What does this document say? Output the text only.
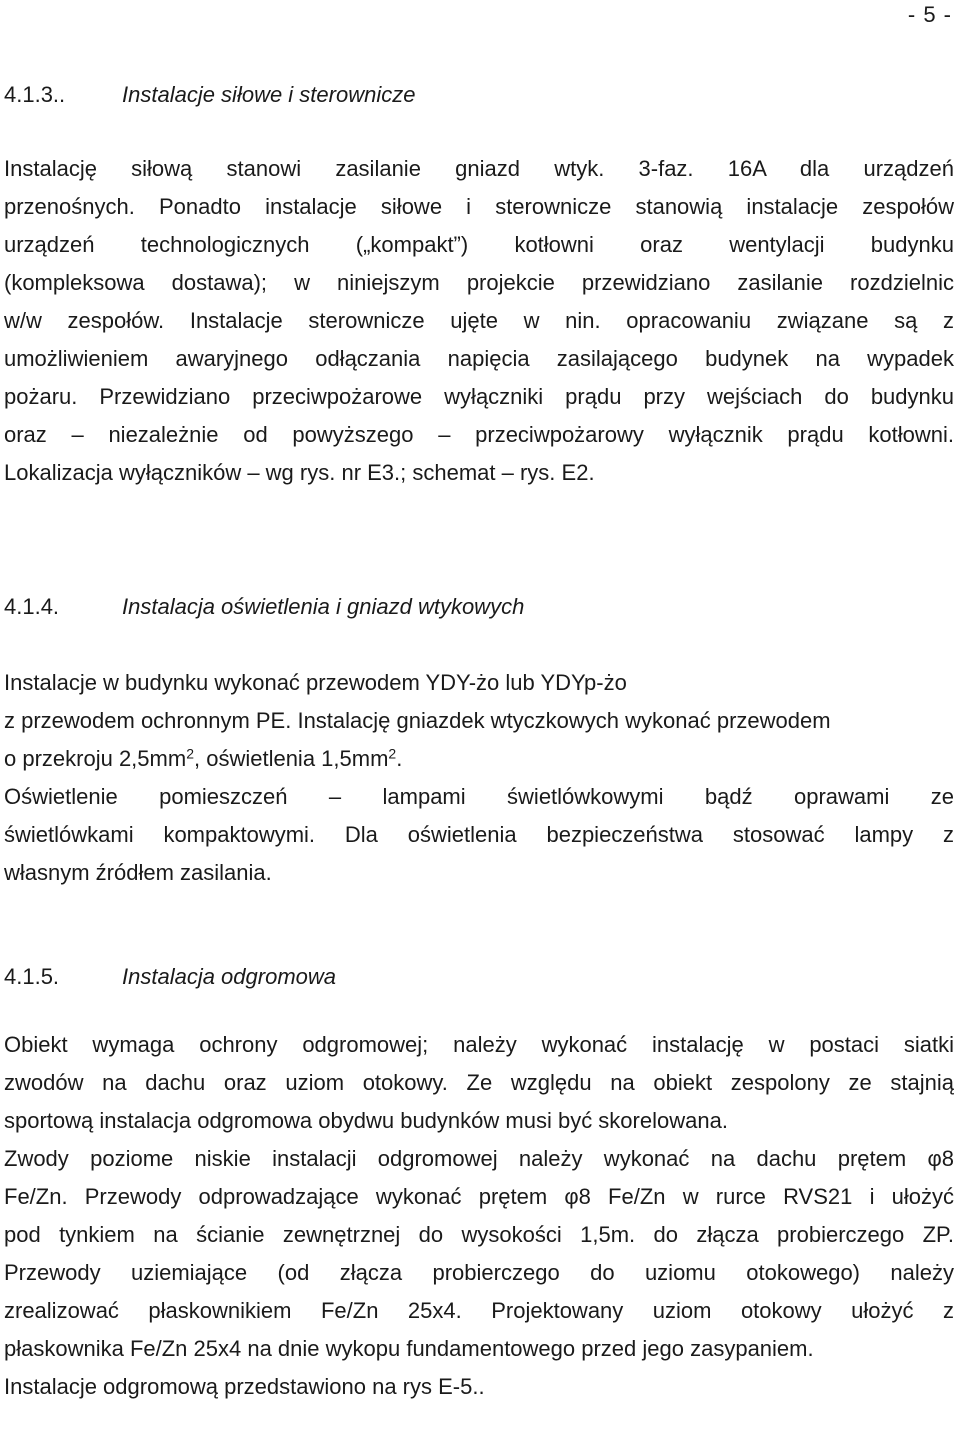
- 5 -
4.1.3..	Instalacje siłowe i sterownicze
Instalację siłową stanowi zasilanie gniazd wtyk. 3-faz. 16A dla urządzeń
przenośnych. Ponadto instalacje siłowe i sterownicze stanowią instalacje zespołów
urządzeń technologicznych („kompakt”) kotłowni oraz wentylacji budynku
(kompleksowa dostawa); w niniejszym projekcie przewidziano zasilanie rozdzielnic
w/w zespołów. Instalacje sterownicze ujęte w nin. opracowaniu związane są z
umożliwieniem awaryjnego odłączania napięcia zasilającego budynek na wypadek
pożaru. Przewidziano przeciwpożarowe wyłączniki prądu przy wejściach do budynku
oraz – niezależnie od powyższego – przeciwpożarowy wyłącznik prądu kotłowni.
Lokalizacja wyłączników – wg rys. nr E3.; schemat – rys. E2.
4.1.4.	Instalacja oświetlenia i gniazd wtykowych
Instalacje w budynku wykonać przewodem YDY-żo lub YDYp-żo
z przewodem ochronnym PE. Instalację gniazdek wtyczkowych wykonać przewodem
o przekroju $2,5mm^2$, oświetlenia $1,5mm^2$.
Oświetlenie pomieszczeń – lampami świetlówkowymi bądź oprawami ze
świetlówkami kompaktowymi. Dla oświetlenia bezpieczeństwa stosować lampy z
własnym źródłem zasilania.
4.1.5.	Instalacja odgromowa
Obiekt wymaga ochrony odgromowej; należy wykonać instalację w postaci siatki
zwodów na dachu oraz uziom otokowy. Ze względu na obiekt zespolony ze stajnią
sportową instalacja odgromowa obydwu budynków musi być skorelowana.
Zwody poziome niskie instalacji odgromowej należy wykonać na dachu prętem φ8
Fe/Zn. Przewody odprowadzające wykonać prętem φ8 Fe/Zn w rurce RVS21 i ułożyć
pod tynkiem na ścianie zewnętrznej do wysokości 1,5m. do złącza probierczego ZP.
Przewody uziemiające (od złącza probierczego do uziomu otokowego) należy
zrealizować płaskownikiem Fe/Zn 25x4. Projektowany uziom otokowy ułożyć z
płaskownika Fe/Zn 25x4 na dnie wykopu fundamentowego przed jego zasypaniem.
Instalacje odgromową przedstawiono na rys E-5..
